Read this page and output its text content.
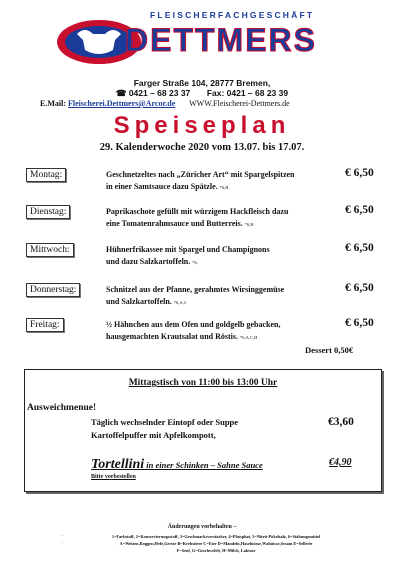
FLEISCHERFACHGESCHÄFT
DETTMERS
Farger Straße 104, 28777 Bremen,
☎ 0421 – 68 23 37 Fax: 0421 – 68 23 39
E.Mail: Fleischerei.Dettmers@Arcor.de WWW.Fleischerei-Dettmers.de
Speiseplan
29. Kalenderwoche 2020 vom 13.07. bis 17.07.
Montag:	Geschnetzeltes nach „Züricher Art“ mit Spargelspitzen
in einer Samtsauce dazu Spätzle. *6,H
€ 6,50
Dienstag:	Paprikaschote gefüllt mit würzigem Hackfleisch dazu
eine Tomatenrahmsauce und Butterreis. *6,H
€ 6,50
Mittwoch:	Hühnerfrikassee mit Spargel und Champignons
und dazu Salzkartoffeln. *6,
€ 6,50
Donnerstag:	Schnitzel aus der Pfanne, gerahmtes Wirsinggemüse
und Salzkartoffeln. *6,A,C
€ 6,50
Freitag:	½ Hähnchen aus dem Ofen und goldgelb gebacken,
hausgemachten Krautsalat und Röstis. *6,A,C,H
€ 6,50
Dessert 0,50€
Mittagstisch von 11:00 bis 13:00 Uhr
Ausweichmenue!
Täglich wechselnder Eintopf oder Suppe
Kartoffelpuffer mit Apfelkompott,
€3,60
Tortellini in einer Schinken – Sahne Sauce	€4,90
Bitte vorbestellen
Änderungen vorbehalten –
·	1=Farbstoff, 2=Konservierungsstoff, 3=Geschmacksverstärker, 4=Phosphat, 5=Nitrit-Pökelsalz, 6=Stäbungsmittel
·	A=Weizen,Roggen,Hefe,Gerste B=Krebstiere C=Eier D=Mandeln,Haselnüsse,Walnüsse,Sesam E=Sellerie
F=Senf, G=Geschwefelt, H=Milch, Laktose
